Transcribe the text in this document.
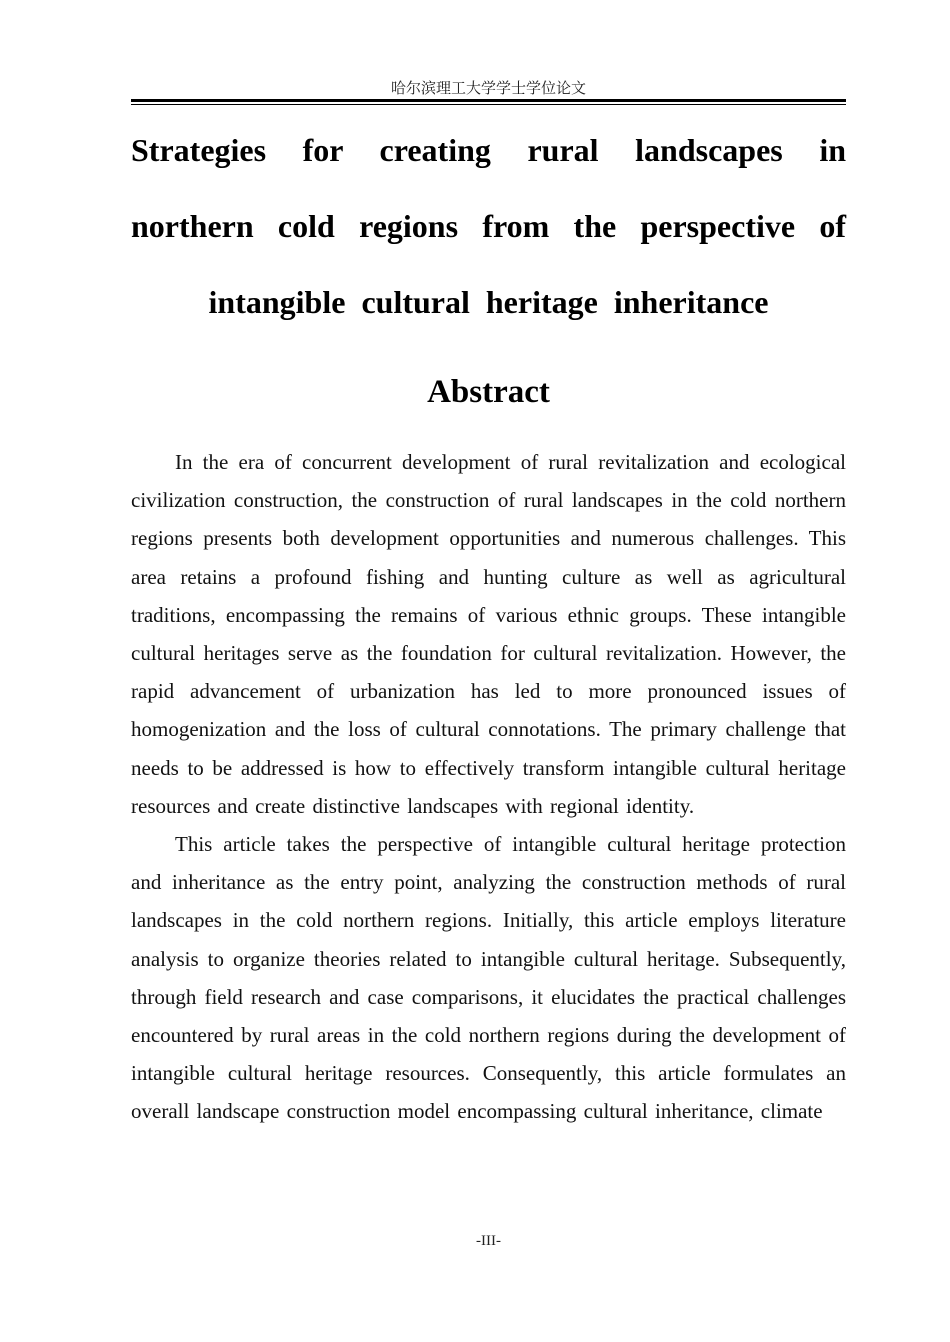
哈尔滨理工大学学士学位论文
Strategies for creating rural landscapes in
northern cold regions from the perspective of
intangible cultural heritage inheritance
Abstract

In the era of concurrent development of rural revitalization and ecological civilization construction, the construction of rural landscapes in the cold northern regions presents both development opportunities and numerous challenges. This area retains a profound fishing and hunting culture as well as agricultural traditions, encompassing the remains of various ethnic groups. These intangible cultural heritages serve as the foundation for cultural revitalization. However, the rapid advancement of urbanization has led to more pronounced issues of homogenization and the loss of cultural connotations. The primary challenge that needs to be addressed is how to effectively transform intangible cultural heritage resources and create distinctive landscapes with regional identity.

This article takes the perspective of intangible cultural heritage protection and inheritance as the entry point, analyzing the construction methods of rural landscapes in the cold northern regions. Initially, this article employs literature analysis to organize theories related to intangible cultural heritage. Subsequently, through field research and case comparisons, it elucidates the practical challenges encountered by rural areas in the cold northern regions during the development of intangible cultural heritage resources. Consequently, this article formulates an overall landscape construction model encompassing cultural inheritance, climate

-III-
